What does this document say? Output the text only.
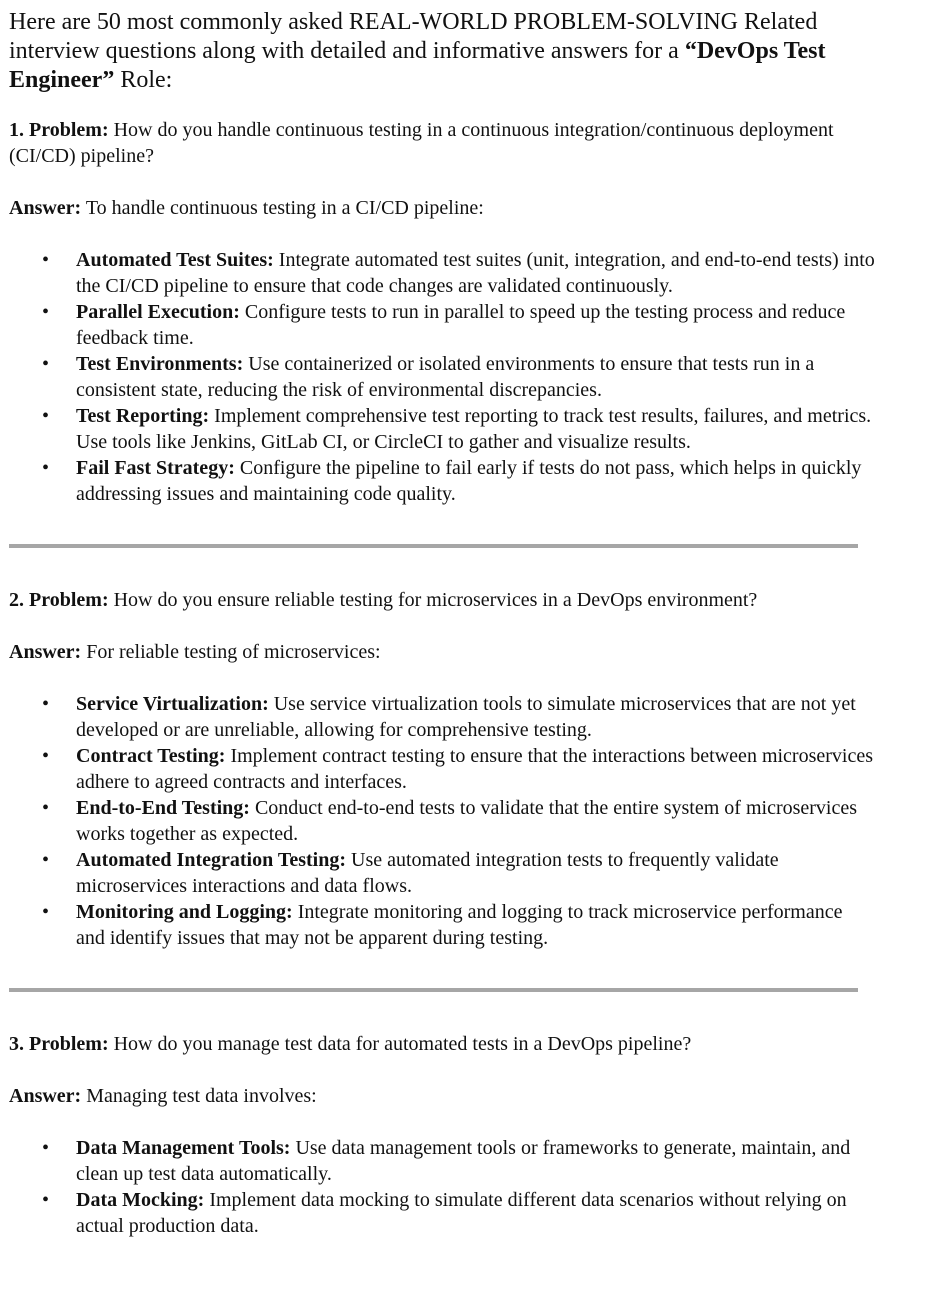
Here are 50 most commonly asked REAL-WORLD PROBLEM-SOLVING Related interview questions along with detailed and informative answers for a “DevOps Test Engineer” Role:

1. Problem: How do you handle continuous testing in a continuous integration/continuous deployment (CI/CD) pipeline?

Answer: To handle continuous testing in a CI/CD pipeline:

• Automated Test Suites: Integrate automated test suites (unit, integration, and end-to-end tests) into the CI/CD pipeline to ensure that code changes are validated continuously.
• Parallel Execution: Configure tests to run in parallel to speed up the testing process and reduce feedback time.
• Test Environments: Use containerized or isolated environments to ensure that tests run in a consistent state, reducing the risk of environmental discrepancies.
• Test Reporting: Implement comprehensive test reporting to track test results, failures, and metrics. Use tools like Jenkins, GitLab CI, or CircleCI to gather and visualize results.
• Fail Fast Strategy: Configure the pipeline to fail early if tests do not pass, which helps in quickly addressing issues and maintaining code quality.

2. Problem: How do you ensure reliable testing for microservices in a DevOps environment?

Answer: For reliable testing of microservices:

• Service Virtualization: Use service virtualization tools to simulate microservices that are not yet developed or are unreliable, allowing for comprehensive testing.
• Contract Testing: Implement contract testing to ensure that the interactions between microservices adhere to agreed contracts and interfaces.
• End-to-End Testing: Conduct end-to-end tests to validate that the entire system of microservices works together as expected.
• Automated Integration Testing: Use automated integration tests to frequently validate microservices interactions and data flows.
• Monitoring and Logging: Integrate monitoring and logging to track microservice performance and identify issues that may not be apparent during testing.

3. Problem: How do you manage test data for automated tests in a DevOps pipeline?

Answer: Managing test data involves:

• Data Management Tools: Use data management tools or frameworks to generate, maintain, and clean up test data automatically.
• Data Mocking: Implement data mocking to simulate different data scenarios without relying on actual production data.
